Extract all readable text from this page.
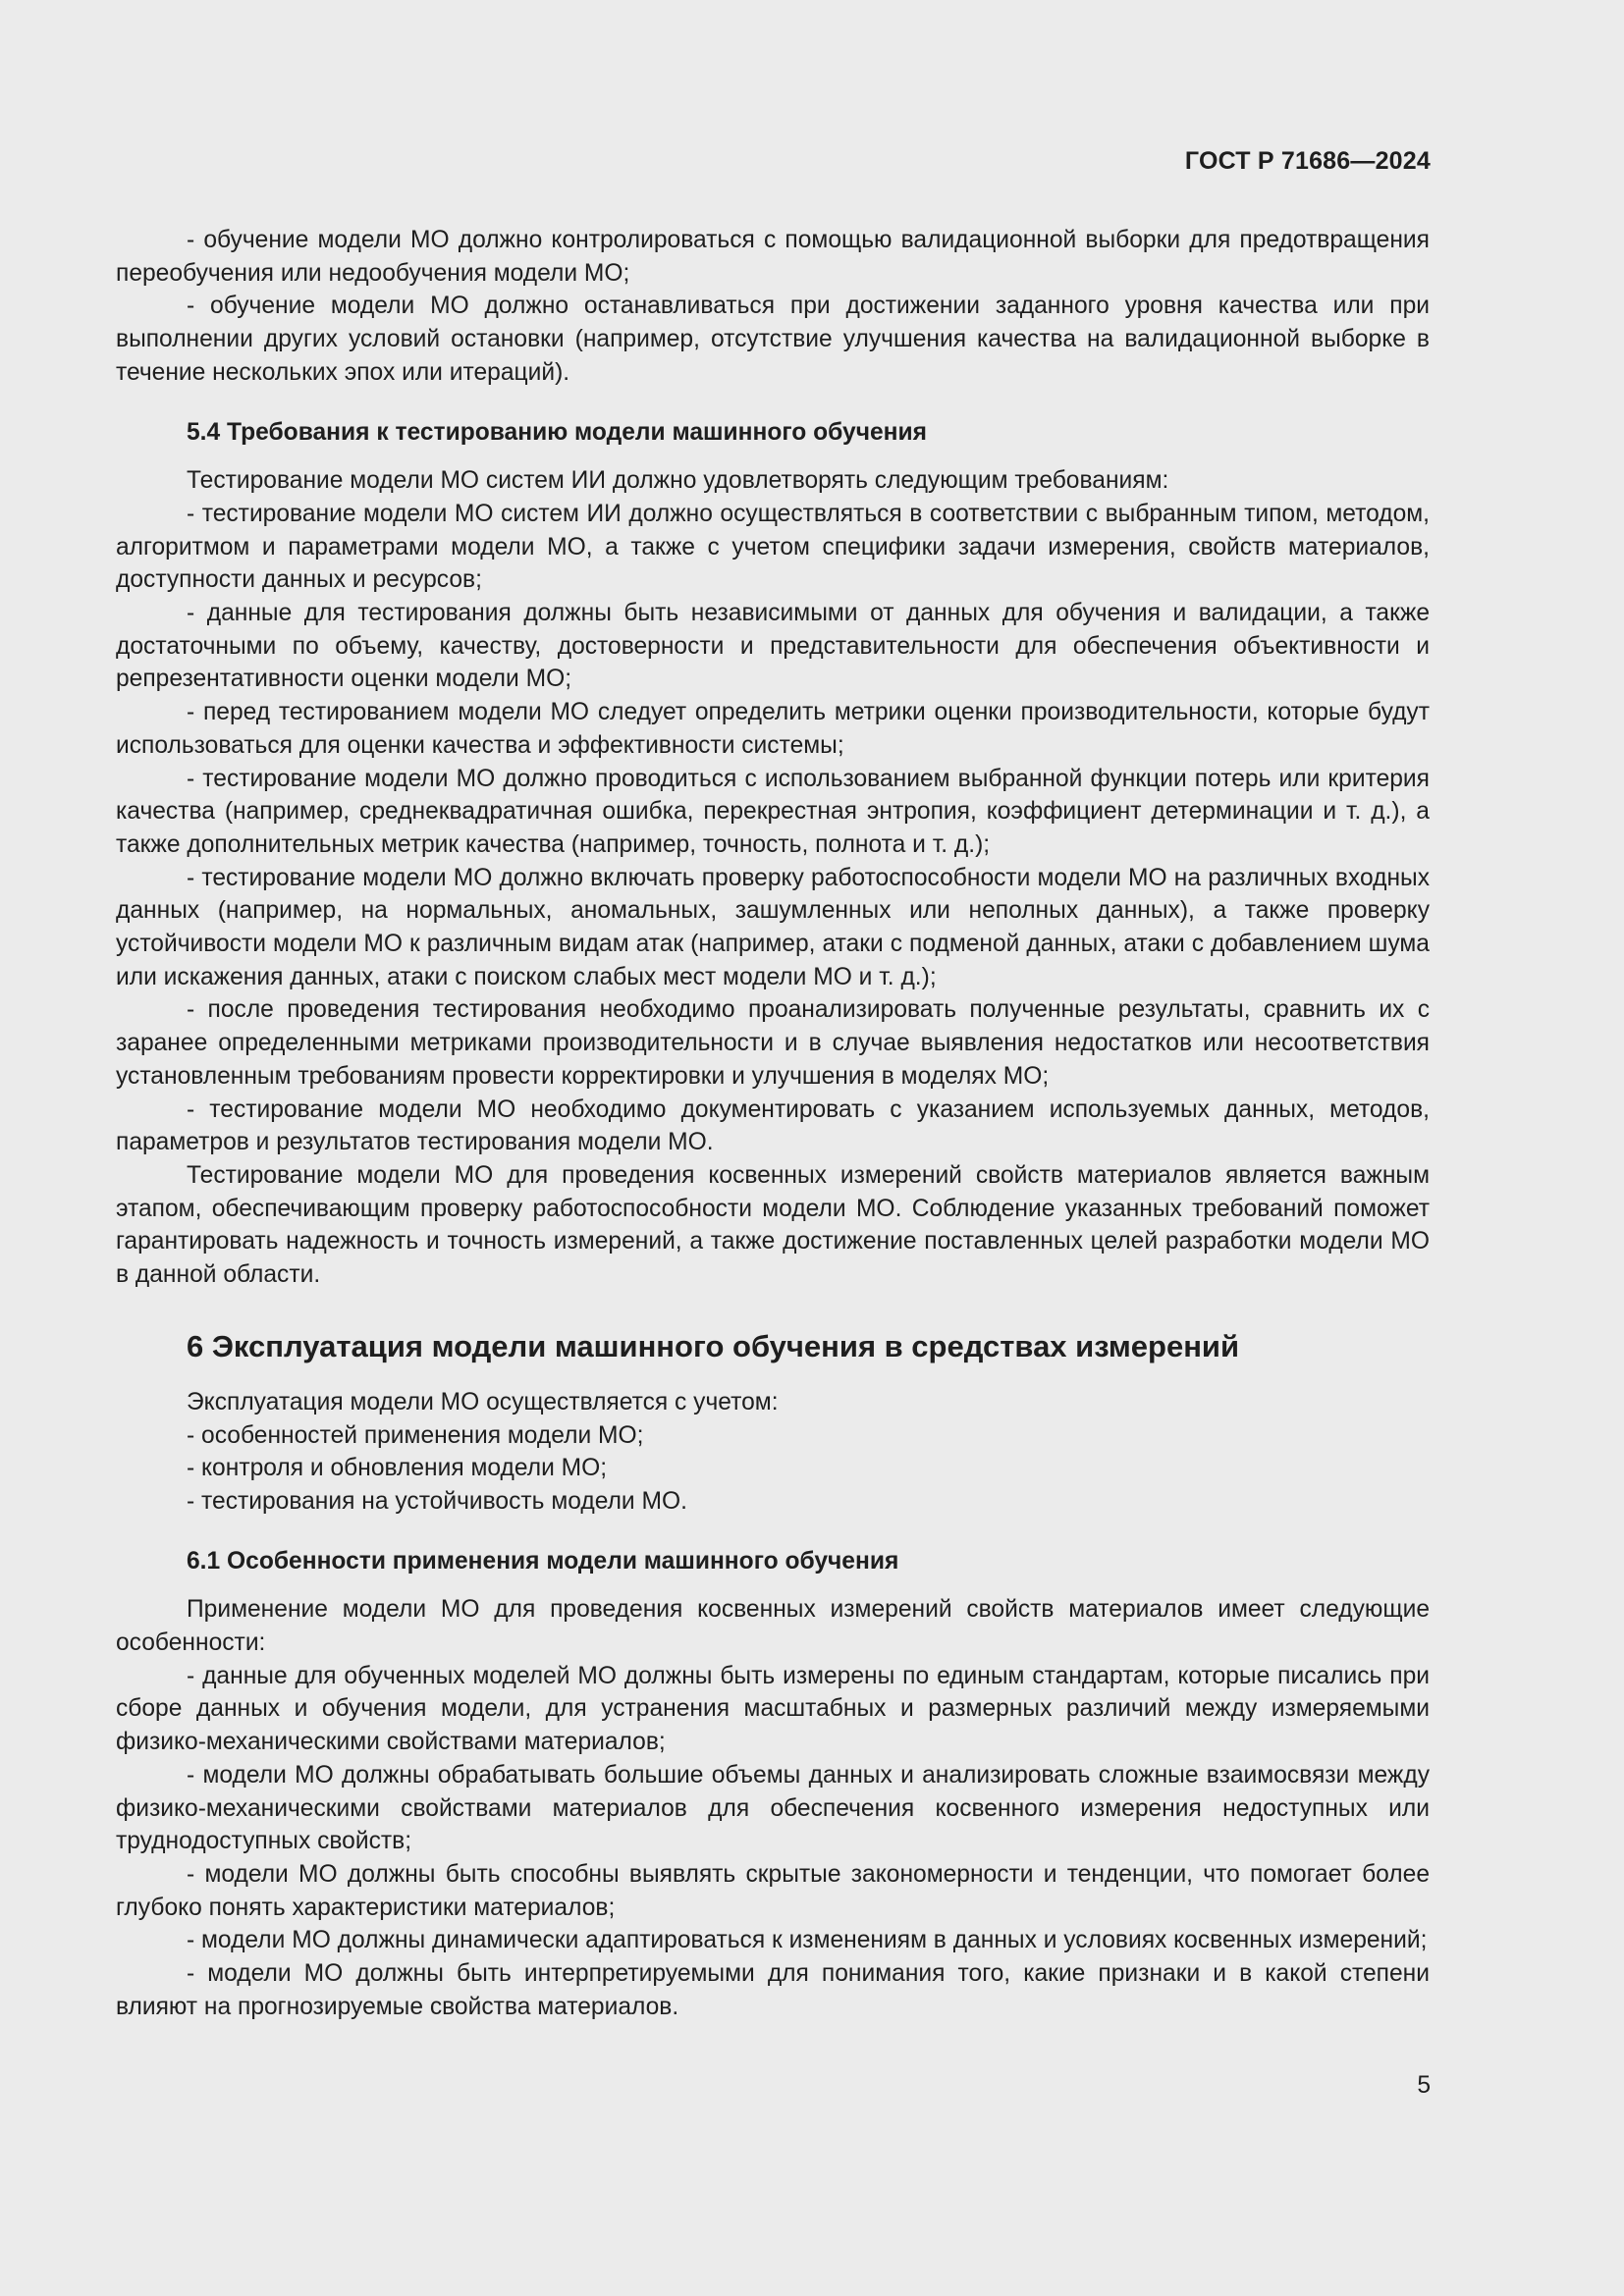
ГОСТ Р 71686—2024

- обучение модели МО должно контролироваться с помощью валидационной выборки для предотвращения переобучения или недообучения модели МО;

- обучение модели МО должно останавливаться при достижении заданного уровня качества или при выполнении других условий остановки (например, отсутствие улучшения качества на валидационной выборке в течение нескольких эпох или итераций).

5.4 Требования к тестированию модели машинного обучения

Тестирование модели МО систем ИИ должно удовлетворять следующим требованиям:

- тестирование модели МО систем ИИ должно осуществляться в соответствии с выбранным типом, методом, алгоритмом и параметрами модели МО, а также с учетом специфики задачи измерения, свойств материалов, доступности данных и ресурсов;

- данные для тестирования должны быть независимыми от данных для обучения и валидации, а также достаточными по объему, качеству, достоверности и представительности для обеспечения объективности и репрезентативности оценки модели МО;

- перед тестированием модели МО следует определить метрики оценки производительности, которые будут использоваться для оценки качества и эффективности системы;

- тестирование модели МО должно проводиться с использованием выбранной функции потерь или критерия качества (например, среднеквадратичная ошибка, перекрестная энтропия, коэффициент детерминации и т. д.), а также дополнительных метрик качества (например, точность, полнота и т. д.);

- тестирование модели МО должно включать проверку работоспособности модели МО на различных входных данных (например, на нормальных, аномальных, зашумленных или неполных данных), а также проверку устойчивости модели МО к различным видам атак (например, атаки с подменой данных, атаки с добавлением шума или искажения данных, атаки с поиском слабых мест модели МО и т. д.);

- после проведения тестирования необходимо проанализировать полученные результаты, сравнить их с заранее определенными метриками производительности и в случае выявления недостатков или несоответствия установленным требованиям провести корректировки и улучшения в моделях МО;

- тестирование модели МО необходимо документировать с указанием используемых данных, методов, параметров и результатов тестирования модели МО.

Тестирование модели МО для проведения косвенных измерений свойств материалов является важным этапом, обеспечивающим проверку работоспособности модели МО. Соблюдение указанных требований поможет гарантировать надежность и точность измерений, а также достижение поставленных целей разработки модели МО в данной области.

6 Эксплуатация модели машинного обучения в средствах измерений

Эксплуатация модели МО осуществляется с учетом:

- особенностей применения модели МО;

- контроля и обновления модели МО;

- тестирования на устойчивость модели МО.

6.1 Особенности применения модели машинного обучения

Применение модели МО для проведения косвенных измерений свойств материалов имеет следующие особенности:

- данные для обученных моделей МО должны быть измерены по единым стандартам, которые писались при сборе данных и обучения модели, для устранения масштабных и размерных различий между измеряемыми физико-механическими свойствами материалов;

- модели МО должны обрабатывать большие объемы данных и анализировать сложные взаимосвязи между физико-механическими свойствами материалов для обеспечения косвенного измерения недоступных или труднодоступных свойств;

- модели МО должны быть способны выявлять скрытые закономерности и тенденции, что помогает более глубоко понять характеристики материалов;

- модели МО должны динамически адаптироваться к изменениям в данных и условиях косвенных измерений;

- модели МО должны быть интерпретируемыми для понимания того, какие признаки и в какой степени влияют на прогнозируемые свойства материалов.

5
